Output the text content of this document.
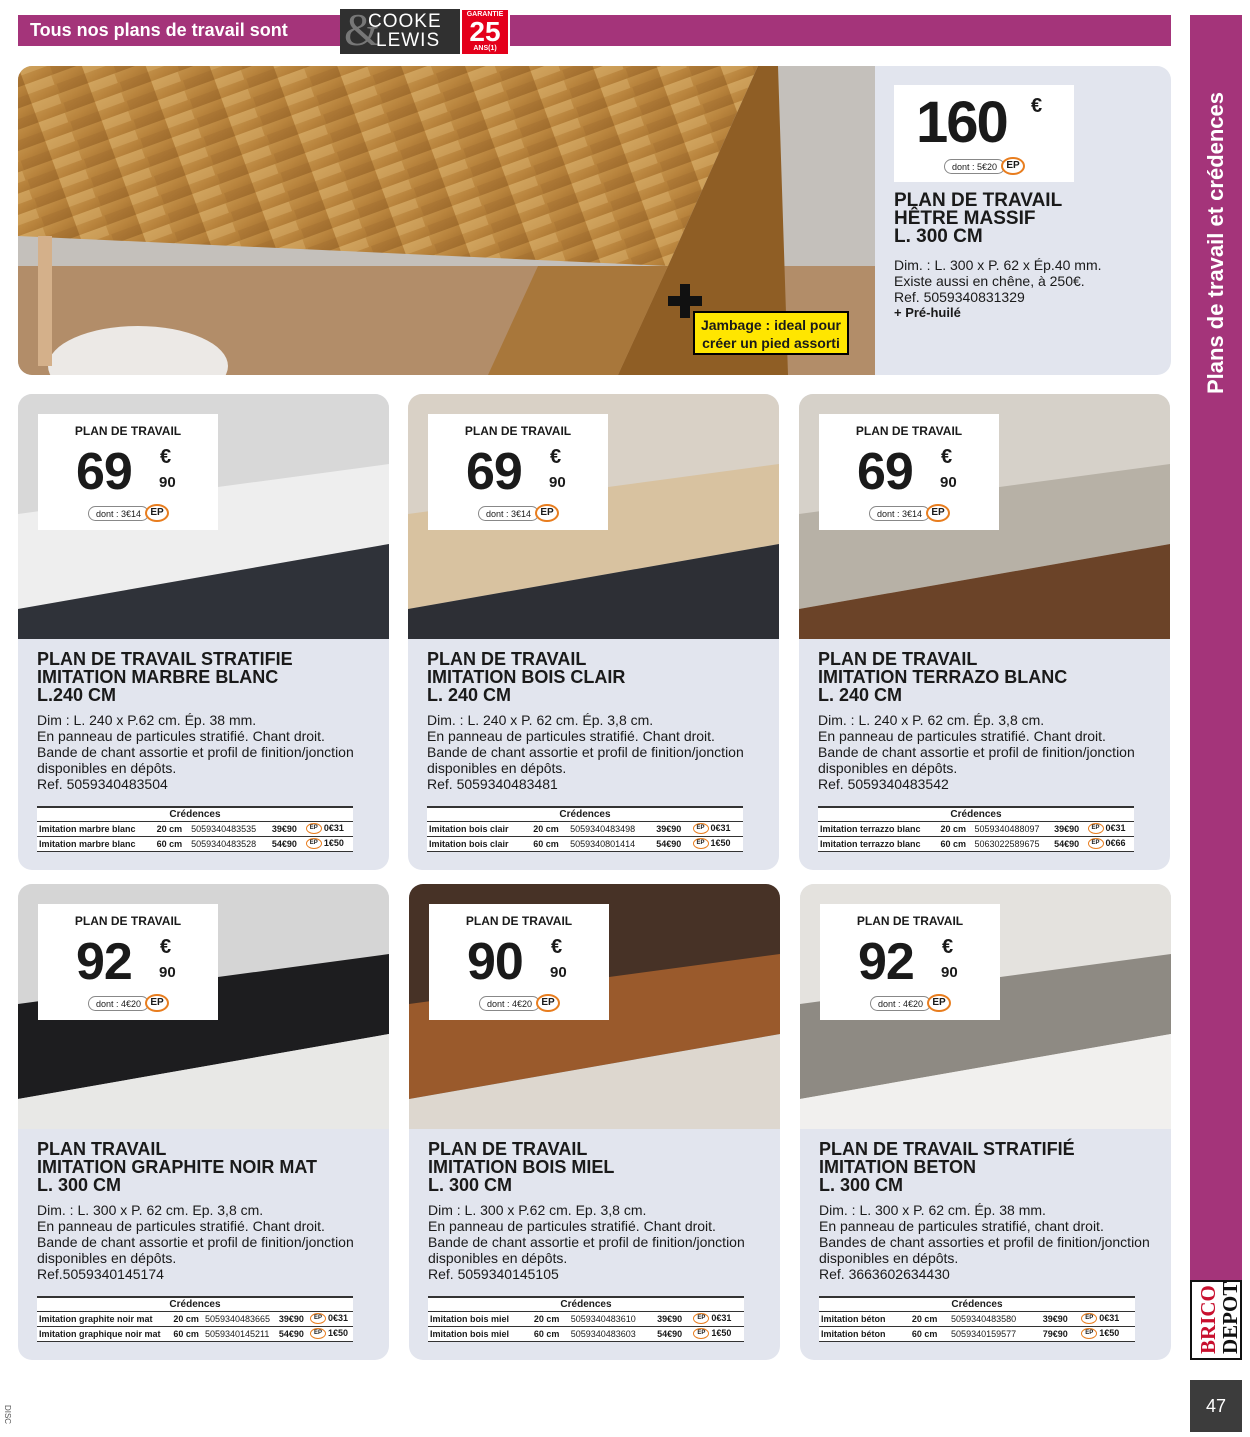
Tous nos plans de travail sont &
COOKE
LEWIS
GARANTIE
25
ANS(1)
Plans de travail et crédences
BRICO
DEPOT
47
DISC
Jambage : ideal pour
créer un pied assorti
160 €
dont : 5€20 EP
PLAN DE TRAVAIL
HÊTRE MASSIF
L. 300 CM
Dim. : L. 300 x P. 62 x Ép.40 mm.
Existe aussi en chêne, à 250€.
Ref. 5059340831329
+ Pré-huilé
PLAN DE TRAVAIL
69 €
90
dont : 3€14 EP
PLAN DE TRAVAIL STRATIFIE
IMITATION MARBRE BLANC
L.240 CM
Dim : L. 240 x P.62 cm. Ép. 38 mm.
En panneau de particules stratifié. Chant droit.
Bande de chant assortie et profil de finition/jonction
disponibles en dépôts.
Ref. 5059340483504
Crédences				
Imitation marbre blanc	20 cm	5059340483535	39€90	EP 0€31
Imitation marbre blanc	60 cm	5059340483528	54€90	EP 1€50
PLAN DE TRAVAIL
69 €
90
dont : 3€14 EP
PLAN DE TRAVAIL
IMITATION BOIS CLAIR
L. 240 CM
Dim. : L. 240 x P. 62 cm. Ép. 3,8 cm.
En panneau de particules stratifié. Chant droit.
Bande de chant assortie et profil de finition/jonction
disponibles en dépôts.
Ref. 5059340483481
Crédences				
Imitation bois clair	20 cm	5059340483498	39€90	EP 0€31
Imitation bois clair	60 cm	5059340801414	54€90	EP 1€50
PLAN DE TRAVAIL
69 €
90
dont : 3€14 EP
PLAN DE TRAVAIL
IMITATION TERRAZO BLANC
L. 240 CM
Dim. : L. 240 x P. 62 cm. Ép. 3,8 cm.
En panneau de particules stratifié. Chant droit.
Bande de chant assortie et profil de finition/jonction
disponibles en dépôts.
Ref. 5059340483542
Crédences				
Imitation terrazzo blanc	20 cm	5059340488097	39€90	EP 0€31
Imitation terrazzo blanc	60 cm	5063022589675	54€90	EP 0€66
PLAN DE TRAVAIL
92 €
90
dont : 4€20 EP
PLAN TRAVAIL
IMITATION GRAPHITE NOIR MAT
L. 300 CM
Dim. : L. 300 x P. 62 cm. Ep. 3,8 cm.
En panneau de particules stratifié. Chant droit.
Bande de chant assortie et profil de finition/jonction
disponibles en dépôts.
Ref.5059340145174
Crédences				
Imitation graphite noir mat	20 cm	5059340483665	39€90	EP 0€31
Imitation graphique noir mat	60 cm	5059340145211	54€90	EP 1€50
PLAN DE TRAVAIL
90 €
90
dont : 4€20 EP
PLAN DE TRAVAIL
IMITATION BOIS MIEL
L. 300 CM
Dim : L. 300 x P.62 cm. Ep. 3,8 cm.
En panneau de particules stratifié. Chant droit.
Bande de chant assortie et profil de finition/jonction
disponibles en dépôts.
Ref. 5059340145105
Crédences				
Imitation bois miel	20 cm	5059340483610	39€90	EP 0€31
Imitation bois miel	60 cm	5059340483603	54€90	EP 1€50
PLAN DE TRAVAIL
92 €
90
dont : 4€20 EP
PLAN DE TRAVAIL STRATIFIÉ
IMITATION BETON
L. 300 CM
Dim. : L. 300 x P. 62 cm. Ép. 38 mm.
En panneau de particules stratifié, chant droit.
Bandes de chant assorties et profil de finition/jonction
disponibles en dépôts.
Ref. 3663602634430
Crédences				
Imitation béton	20 cm	5059340483580	39€90	EP 0€31
Imitation béton	60 cm	5059340159577	79€90	EP 1€50
